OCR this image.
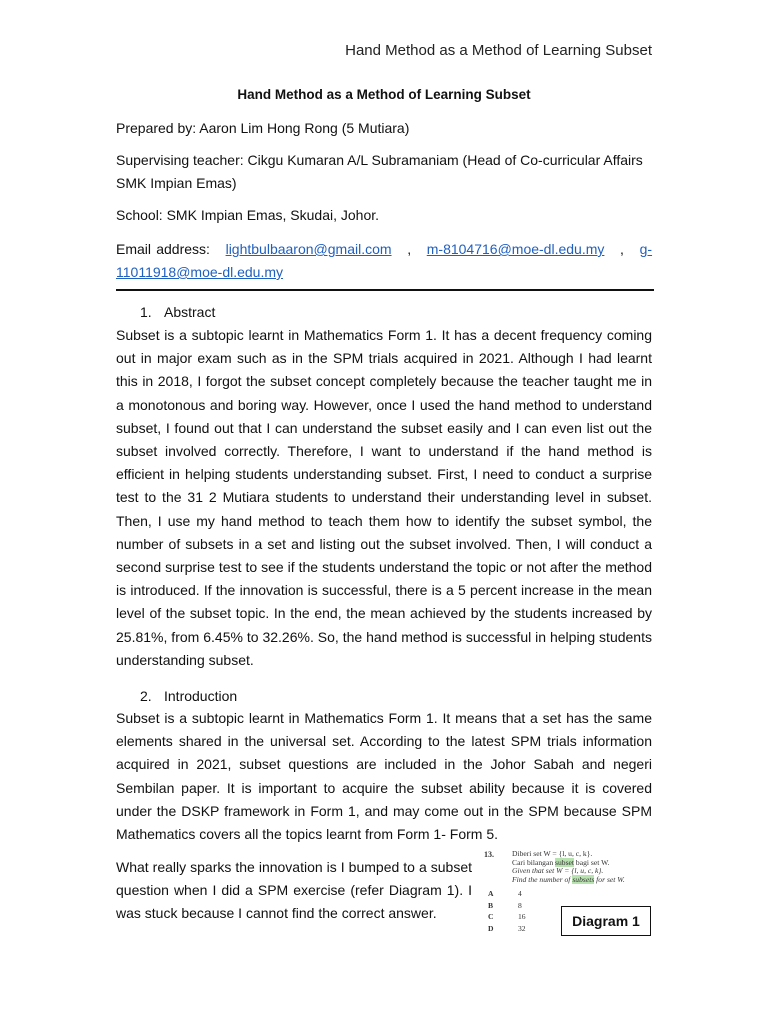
Hand Method as a Method of Learning Subset
Hand Method as a Method of Learning Subset
Prepared by: Aaron Lim Hong Rong (5 Mutiara)
Supervising teacher: Cikgu Kumaran A/L Subramaniam (Head of Co-curricular Affairs SMK Impian Emas)
School: SMK Impian Emas, Skudai, Johor.
Email address: lightbulbaaron@gmail.com , m-8104716@moe-dl.edu.my , g-11011918@moe-dl.edu.my
1. Abstract
Subset is a subtopic learnt in Mathematics Form 1. It has a decent frequency coming out in major exam such as in the SPM trials acquired in 2021. Although I had learnt this in 2018, I forgot the subset concept completely because the teacher taught me in a monotonous and boring way. However, once I used the hand method to understand subset, I found out that I can understand the subset easily and I can even list out the subset involved correctly. Therefore, I want to understand if the hand method is efficient in helping students understanding subset. First, I need to conduct a surprise test to the 31 2 Mutiara students to understand their understanding level in subset. Then, I use my hand method to teach them how to identify the subset symbol, the number of subsets in a set and listing out the subset involved. Then, I will conduct a second surprise test to see if the students understand the topic or not after the method is introduced. If the innovation is successful, there is a 5 percent increase in the mean level of the subset topic. In the end, the mean achieved by the students increased by 25.81%, from 6.45% to 32.26%. So, the hand method is successful in helping students understanding subset.
2. Introduction
Subset is a subtopic learnt in Mathematics Form 1. It means that a set has the same elements shared in the universal set. According to the latest SPM trials information acquired in 2021, subset questions are included in the Johor Sabah and negeri Sembilan paper. It is important to acquire the subset ability because it is covered under the DSKP framework in Form 1, and may come out in the SPM because SPM Mathematics covers all the topics learnt from Form 1- Form 5.
What really sparks the innovation is I bumped to a subset question when I did a SPM exercise (refer Diagram 1). I was stuck because I cannot find the correct answer.
13. Diberi set W = {l, u, c, k}.
Cari bilangan subset bagi set W.
Given that set W = {l, u, c, k}.
Find the number of subsets for set W.
A	4
B	8
C	16
D	32	Diagram 1
